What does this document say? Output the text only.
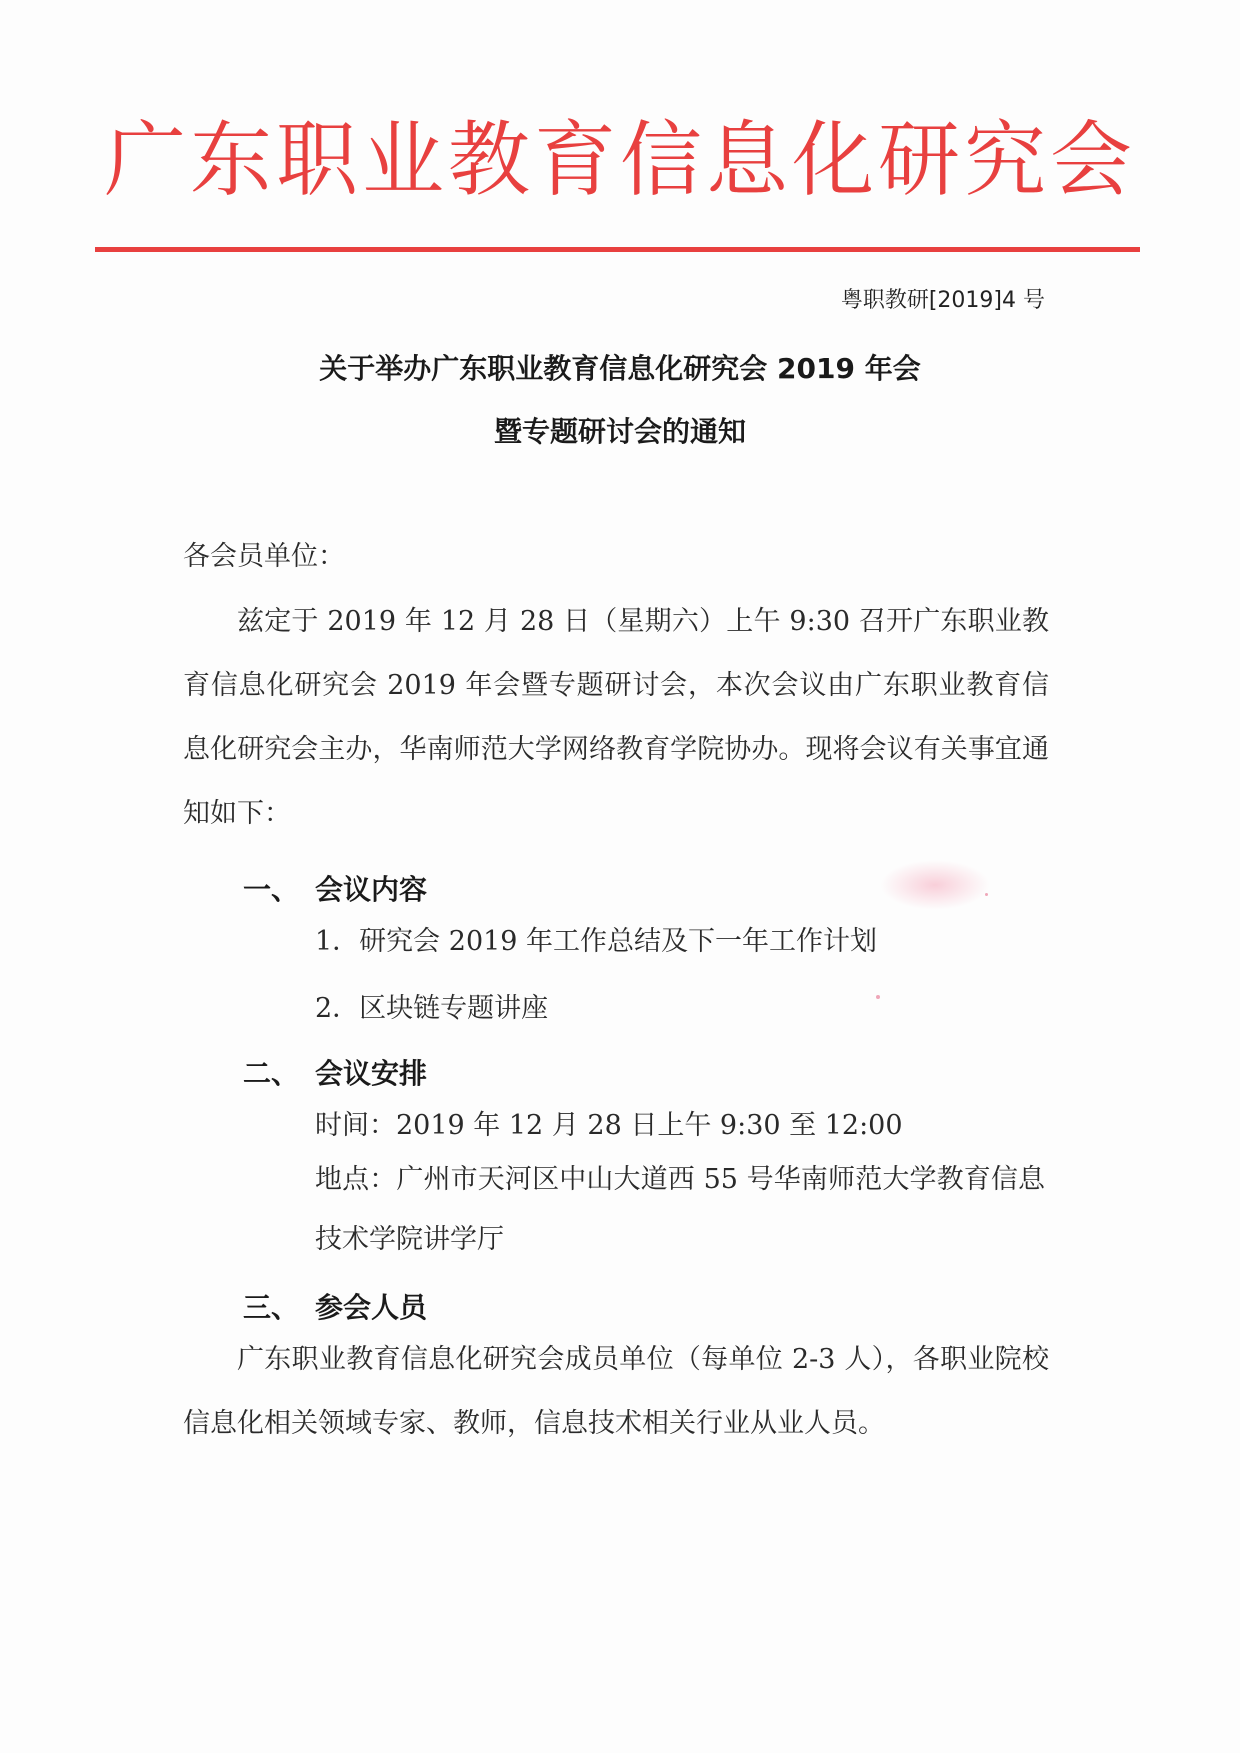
广东职业教育信息化研究会
粤职教研[2019]4 号
关于举办广东职业教育信息化研究会 2019 年会
暨专题研讨会的通知
各会员单位：
兹定于 2019 年 12 月 28 日（星期六）上午 9:30 召开广东职业教育信息化研究会 2019 年会暨专题研讨会，本次会议由广东职业教育信息化研究会主办，华南师范大学网络教育学院协办。现将会议有关事宜通知如下：
一、 会议内容
1．研究会 2019 年工作总结及下一年工作计划
2．区块链专题讲座
二、 会议安排
时间：2019 年 12 月 28 日上午 9:30 至 12:00
地点：广州市天河区中山大道西 55 号华南师范大学教育信息技术学院讲学厅
三、 参会人员
广东职业教育信息化研究会成员单位（每单位 2-3 人），各职业院校信息化相关领域专家、教师，信息技术相关行业从业人员。
